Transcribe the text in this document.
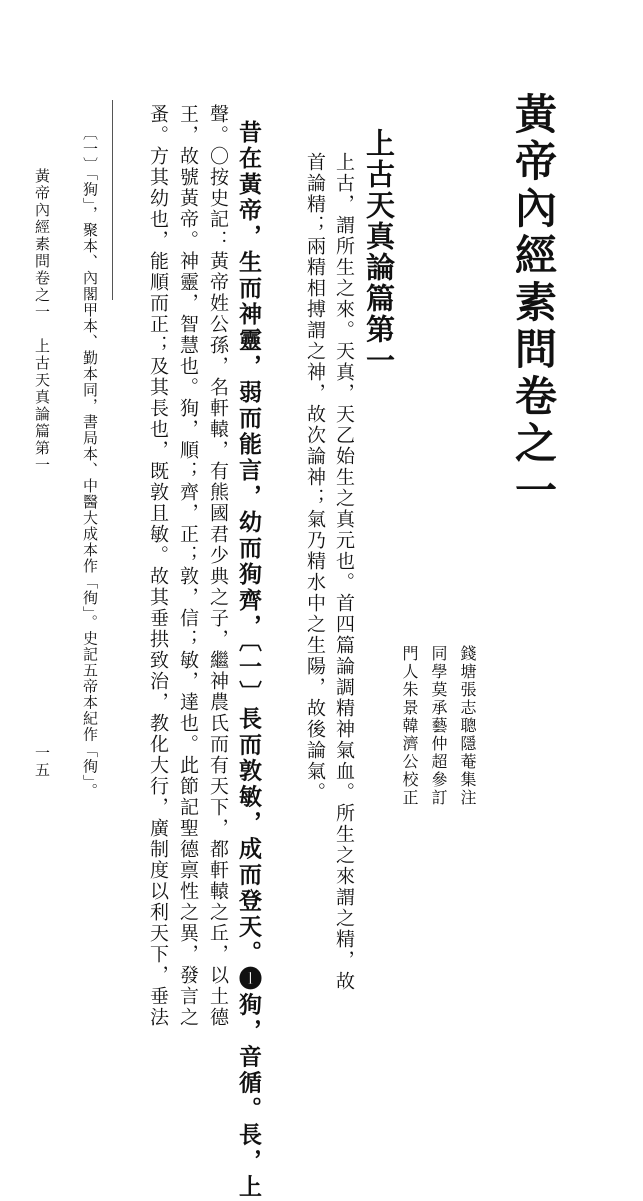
黃帝內經素問卷之一
上古天真論篇第一
錢塘張志聰隱菴集注
同學莫承藝仲超參訂
門人朱景韓濟公校正
上古，謂所生之來。天真，天乙始生之真元也。首四篇論調精神氣血。所生之來謂之精，故
首論精；兩精相搏謂之神，故次論神；氣乃精水中之生陽，故後論氣。
昔在黃帝，生而神靈，弱而能言，幼而狥齊，〔一〕長而敦敏，成而登天。❶狥，音循。長，上
聲。〇按史記：黃帝姓公孫，名軒轅，有熊國君少典之子，繼神農氏而有天下，都軒轅之丘，以土德
王，故號黃帝。神靈，智慧也。狥，順；齊，正；敦，信；敏，達也。此節記聖德禀性之異，發言之
蚤。方其幼也，能順而正；及其長也，既敦且敏。故其垂拱致治，教化大行，廣制度以利天下，垂法
〔一〕「狥」，聚本、內閣甲本、勤本同，書局本、中醫大成本作「徇」。史記五帝本紀作「徇」。
黃帝內經素問卷之一　上古天真論篇第一
一五
